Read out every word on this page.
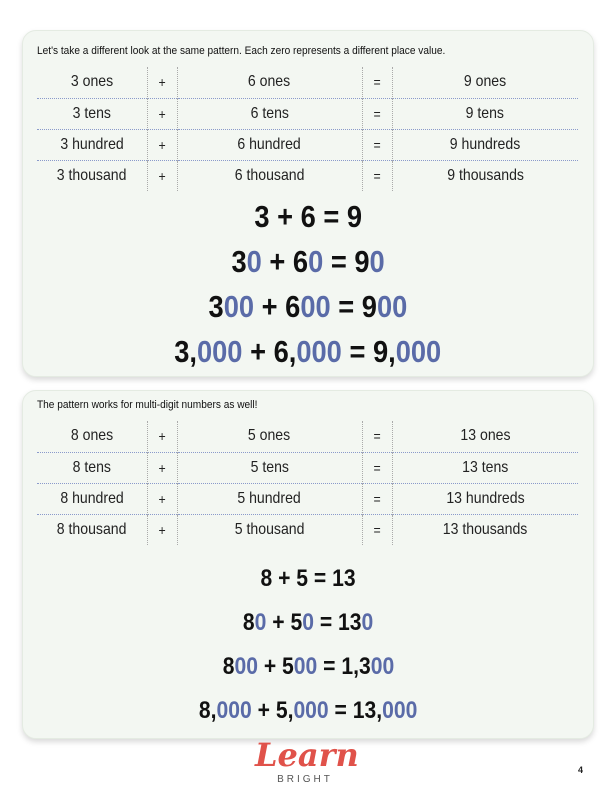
Let's take a different look at the same pattern. Each zero represents a different place value.
3 ones	+	6 ones	=	9 ones
3 tens	+	6 tens	=	9 tens
3 hundred	+	6 hundred	=	9 hundreds
3 thousand	+	6 thousand	=	9 thousands
3 + 6 = 9
30 + 60 = 90
300 + 600 = 900
3,000 + 6,000 = 9,000
The pattern works for multi-digit numbers as well!
8 ones	+	5 ones	=	13 ones
8 tens	+	5 tens	=	13 tens
8 hundred	+	5 hundred	=	13 hundreds
8 thousand	+	5 thousand	=	13 thousands
8 + 5 = 13
80 + 50 = 130
800 + 500 = 1,300
8,000 + 5,000 = 13,000
Learn
BRIGHT
4
